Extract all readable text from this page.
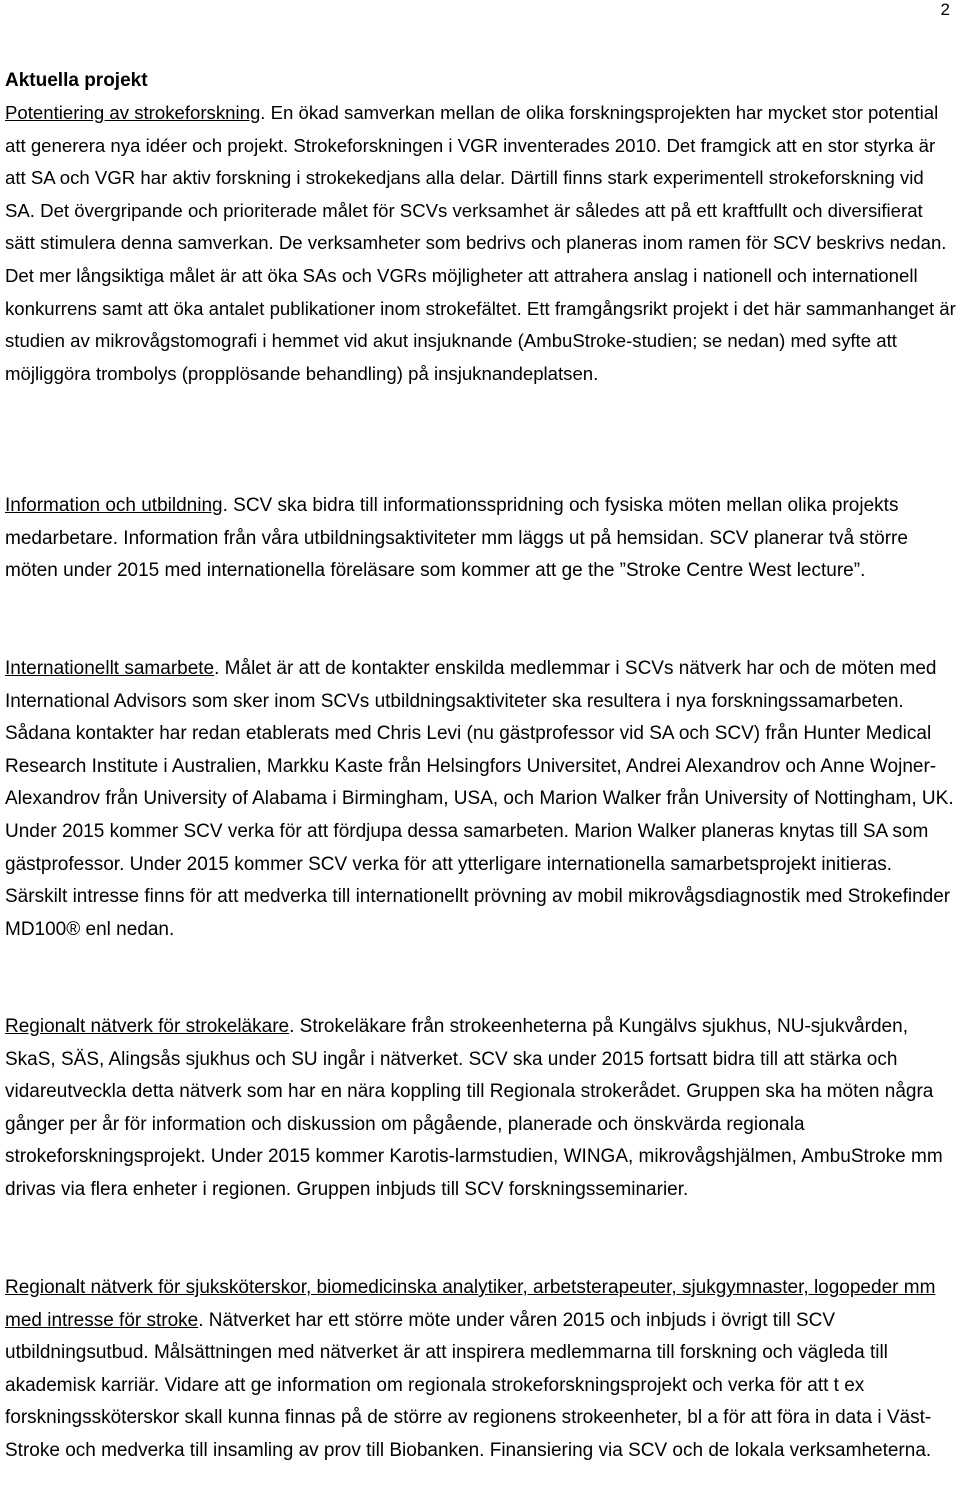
2
Aktuella projekt

Potentiering av strokeforskning. En ökad samverkan mellan de olika forskningsprojekten har mycket stor potential att generera nya idéer och projekt. Strokeforskningen i VGR inventerades 2010. Det framgick att en stor styrka är att SA och VGR har aktiv forskning i strokekedjans alla delar. Därtill finns stark experimentell strokeforskning vid SA. Det övergripande och prioriterade målet för SCVs verksamhet är således att på ett kraftfullt och diversifierat sätt stimulera denna samverkan. De verksamheter som bedrivs och planeras inom ramen för SCV beskrivs nedan. Det mer långsiktiga målet är att öka SAs och VGRs möjligheter att attrahera anslag i nationell och internationell konkurrens samt att öka antalet publikationer inom strokefältet. Ett framgångsrikt projekt i det här sammanhanget är studien av mikrovågstomografi i hemmet vid akut insjuknande (AmbuStroke-studien; se nedan) med syfte att möjliggöra trombolys (propplösande behandling) på insjuknandeplatsen.

Information och utbildning. SCV ska bidra till informationsspridning och fysiska möten mellan olika projekts medarbetare. Information från våra utbildningsaktiviteter mm läggs ut på hemsidan. SCV planerar två större möten under 2015 med internationella föreläsare som kommer att ge the ”Stroke Centre West lecture”.

Internationellt samarbete. Målet är att de kontakter enskilda medlemmar i SCVs nätverk har och de möten med International Advisors som sker inom SCVs utbildningsaktiviteter ska resultera i nya forskningssamarbeten. Sådana kontakter har redan etablerats med Chris Levi (nu gästprofessor vid SA och SCV) från Hunter Medical Research Institute i Australien, Markku Kaste från Helsingfors Universitet, Andrei Alexandrov och Anne Wojner-Alexandrov från University of Alabama i Birmingham, USA, och Marion Walker från University of Nottingham, UK. Under 2015 kommer SCV verka för att fördjupa dessa samarbeten. Marion Walker planeras knytas till SA som gästprofessor. Under 2015 kommer SCV verka för att ytterligare internationella samarbetsprojekt initieras. Särskilt intresse finns för att medverka till internationellt prövning av mobil mikrovågsdiagnostik med Strokefinder MD100® enl nedan.

Regionalt nätverk för strokeläkare. Strokeläkare från strokeenheterna på Kungälvs sjukhus, NU-sjukvården, SkaS, SÄS, Alingsås sjukhus och SU ingår i nätverket. SCV ska under 2015 fortsatt bidra till att stärka och vidareutveckla detta nätverk som har en nära koppling till Regionala strokerådet. Gruppen ska ha möten några gånger per år för information och diskussion om pågående, planerade och önskvärda regionala strokeforskningsprojekt. Under 2015 kommer Karotis-larmstudien, WINGA, mikrovågshjälmen, AmbuStroke mm drivas via flera enheter i regionen. Gruppen inbjuds till SCV forskningsseminarier.

Regionalt nätverk för sjuksköterskor, biomedicinska analytiker, arbetsterapeuter, sjukgymnaster, logopeder mm med intresse för stroke. Nätverket har ett större möte under våren 2015 och inbjuds i övrigt till SCV utbildningsutbud. Målsättningen med nätverket är att inspirera medlemmarna till forskning och vägleda till akademisk karriär. Vidare att ge information om regionala strokeforskningsprojekt och verka för att t ex forskningssköterskor skall kunna finnas på de större av regionens strokeenheter, bl a för att föra in data i Väst-Stroke och medverka till insamling av prov till Biobanken. Finansiering via SCV och de lokala verksamheterna.
